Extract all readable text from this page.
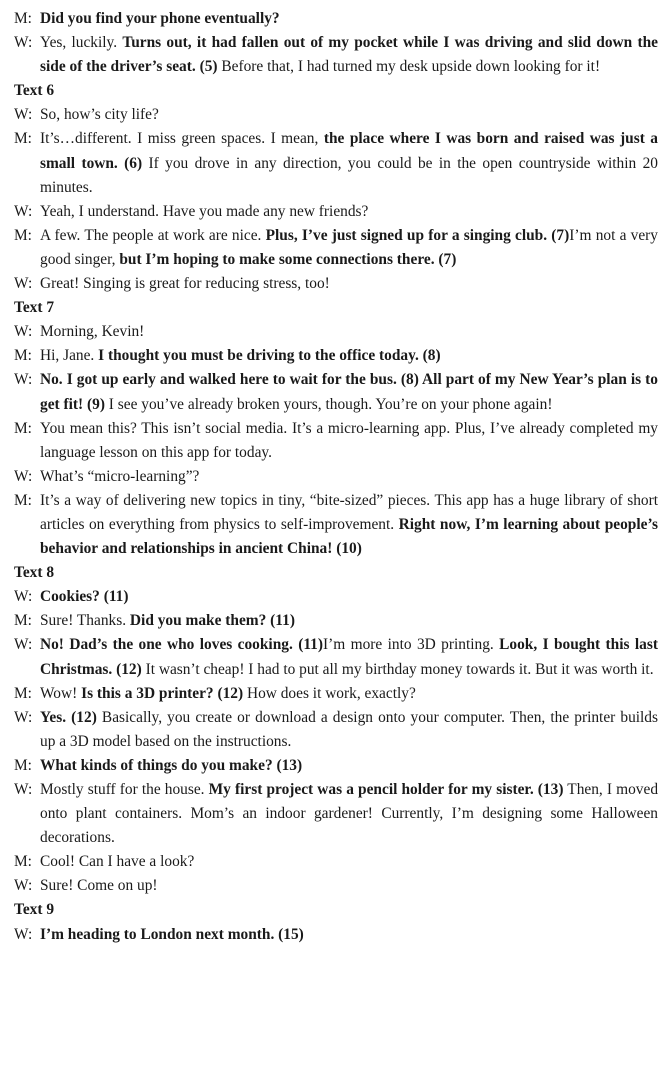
M: Did you find your phone eventually?
W: Yes, luckily. Turns out, it had fallen out of my pocket while I was driving and slid down the side of the driver’s seat. (5) Before that, I had turned my desk upside down looking for it!
Text 6
W: So, how’s city life?
M: It’s…different. I miss green spaces. I mean, the place where I was born and raised was just a small town. (6) If you drove in any direction, you could be in the open countryside within 20 minutes.
W: Yeah, I understand. Have you made any new friends?
M: A few. The people at work are nice. Plus, I’ve just signed up for a singing club. (7)I’m not a very good singer, but I’m hoping to make some connections there. (7)
W: Great! Singing is great for reducing stress, too!
Text 7
W: Morning, Kevin!
M: Hi, Jane. I thought you must be driving to the office today. (8)
W: No. I got up early and walked here to wait for the bus. (8) All part of my New Year’s plan is to get fit! (9) I see you’ve already broken yours, though. You’re on your phone again!
M: You mean this? This isn’t social media. It’s a micro-learning app. Plus, I’ve already completed my language lesson on this app for today.
W: What’s “micro-learning”?
M: It’s a way of delivering new topics in tiny, “bite-sized” pieces. This app has a huge library of short articles on everything from physics to self-improvement. Right now, I’m learning about people’s behavior and relationships in ancient China! (10)
Text 8
W: Cookies? (11)
M: Sure! Thanks. Did you make them? (11)
W: No! Dad’s the one who loves cooking. (11)I’m more into 3D printing. Look, I bought this last Christmas. (12) It wasn’t cheap! I had to put all my birthday money towards it. But it was worth it.
M: Wow! Is this a 3D printer? (12) How does it work, exactly?
W: Yes. (12) Basically, you create or download a design onto your computer. Then, the printer builds up a 3D model based on the instructions.
M: What kinds of things do you make? (13)
W: Mostly stuff for the house. My first project was a pencil holder for my sister. (13) Then, I moved onto plant containers. Mom’s an indoor gardener! Currently, I’m designing some Halloween decorations.
M: Cool! Can I have a look?
W: Sure! Come on up!
Text 9
W: I’m heading to London next month. (15)
